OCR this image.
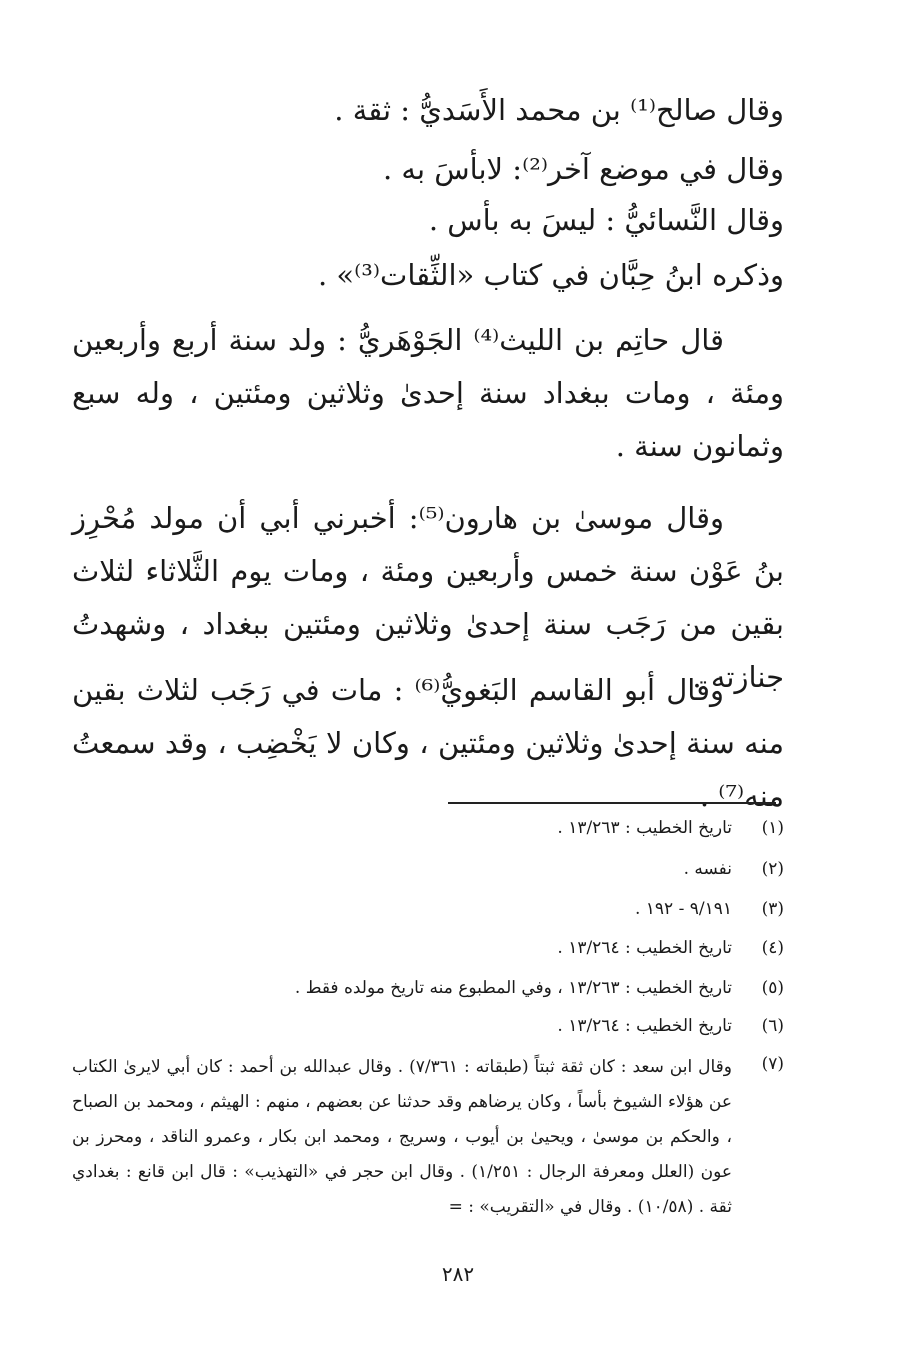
وقال صالح⁽¹⁾ بن محمد الأَسَديُّ : ثقة .
وقال في موضع آخر⁽²⁾: لابأسَ به .
وقال النَّسائيُّ : ليسَ به بأس .
وذكره ابنُ حِبَّان في كتاب «الثِّقات⁽³⁾» .
قال حاتِم بن الليث⁽⁴⁾ الجَوْهَريُّ : ولد سنة أربع وأربعين ومئة ، ومات ببغداد سنة إحدىٰ وثلاثين ومئتين ، وله سبع وثمانون سنة .
وقال موسىٰ بن هارون⁽⁵⁾: أخبرني أبي أن مولد مُحْرِز بنُ عَوْن سنة خمس وأربعين ومئة ، ومات يوم الثَّلاثاء لثلاث بقين من رَجَب سنة إحدىٰ وثلاثين ومئتين ببغداد ، وشهدتُ جنازته .
وقال أبو القاسم البَغويُّ⁽⁶⁾ : مات في رَجَب لثلاث بقين منه سنة إحدىٰ وثلاثين ومئتين ، وكان لا يَخْضِب ، وقد سمعتُ منه⁽⁷⁾ .
(١)
تاريخ الخطيب : ١٣/٢٦٣ .
(٢)
نفسه .
(٣)
٩/١٩١ - ١٩٢ .
(٤)
تاريخ الخطيب : ١٣/٢٦٤ .
(٥)
تاريخ الخطيب : ١٣/٢٦٣ ، وفي المطبوع منه تاريخ مولده فقط .
(٦)
تاريخ الخطيب : ١٣/٢٦٤ .
(٧)
وقال ابن سعد : كان ثقة ثبتاً (طبقاته : ٧/٣٦١) . وقال عبدالله بن أحمد : كان أبي لايرىٰ الكتاب عن هؤلاء الشيوخ بأساً ، وكان يرضاهم وقد حدثنا عن بعضهم ، منهم : الهيثم ، ومحمد بن الصباح ، والحكم بن موسىٰ ، ويحيىٰ بن أيوب ، وسريج ، ومحمد ابن بكار ، وعمرو الناقد ، ومحرز بن عون (العلل ومعرفة الرجال : ١/٢٥١) . وقال ابن حجر في «التهذيب» : قال ابن قانع : بغدادي ثقة . (١٠/٥٨) . وقال في «التقريب» : =
٢٨٢
